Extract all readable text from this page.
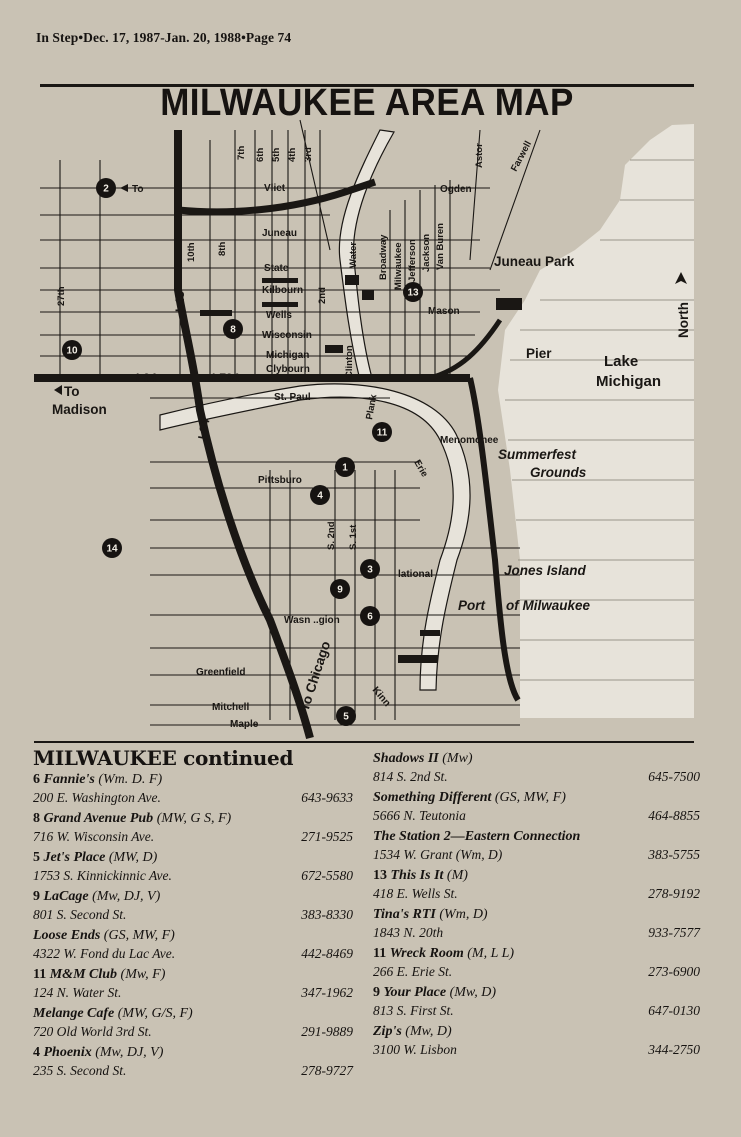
In Step•Dec. 17, 1987-Jan. 20, 1988•Page 74
Vliet
Juneau
State
Kilbourn
Wells
Wisconsin
Michigan
Clybourn
St. Paul
Ogden
Mason
Menomonee
Pittsburo
lational
Wasn ..gion
Greenfield
Mitchell
Maple
Juneau Park
Pier
Kinn
7th 6th 5th 4th 3rd
10th 8th
27th	2nd
Water Broadway Milwaukee Jefferson Jackson Van Buren
Astor	Farwell
Clinton
Plank
S. 2nd S. 1st
Erie
I-43
I-94	I-794
I-94
Lake
Michigan
North
Summerfest
Grounds
Jones Island
Port of Milwaukee
To
Madison
To Chicago
To
2
10
8
13
11
1
4
14
3
9
6
5
MILWAUKEE AREA MAP
MILWAUKEE continued
6 Fannie's (Wm. D. F)
200 E. Washington Ave.	643-9633
8 Grand Avenue Pub (MW, G S, F)
716 W. Wisconsin Ave.	271-9525
5 Jet's Place (MW, D)
1753 S. Kinnickinnic Ave.	672-5580
9 LaCage (Mw, DJ, V)
801 S. Second St.	383-8330
Loose Ends (GS, MW, F)
4322 W. Fond du Lac Ave.	442-8469
11 M&M Club (Mw, F)
124 N. Water St.	347-1962
Melange Cafe (MW, G/S, F)
720 Old World 3rd St.	291-9889
4 Phoenix (Mw, DJ, V)
235 S. Second St.	278-9727
Shadows II (Mw)
814 S. 2nd St.	645-7500
Something Different (GS, MW, F)
5666 N. Teutonia	464-8855
The Station 2—Eastern Connection
1534 W. Grant (Wm, D)	383-5755
13 This Is It (M)
418 E. Wells St.	278-9192
Tina's RTI (Wm, D)
1843 N. 20th	933-7577
11 Wreck Room (M, L L)
266 E. Erie St.	273-6900
9 Your Place (Mw, D)
813 S. First St.	647-0130
Zip's (Mw, D)
3100 W. Lisbon	344-2750
